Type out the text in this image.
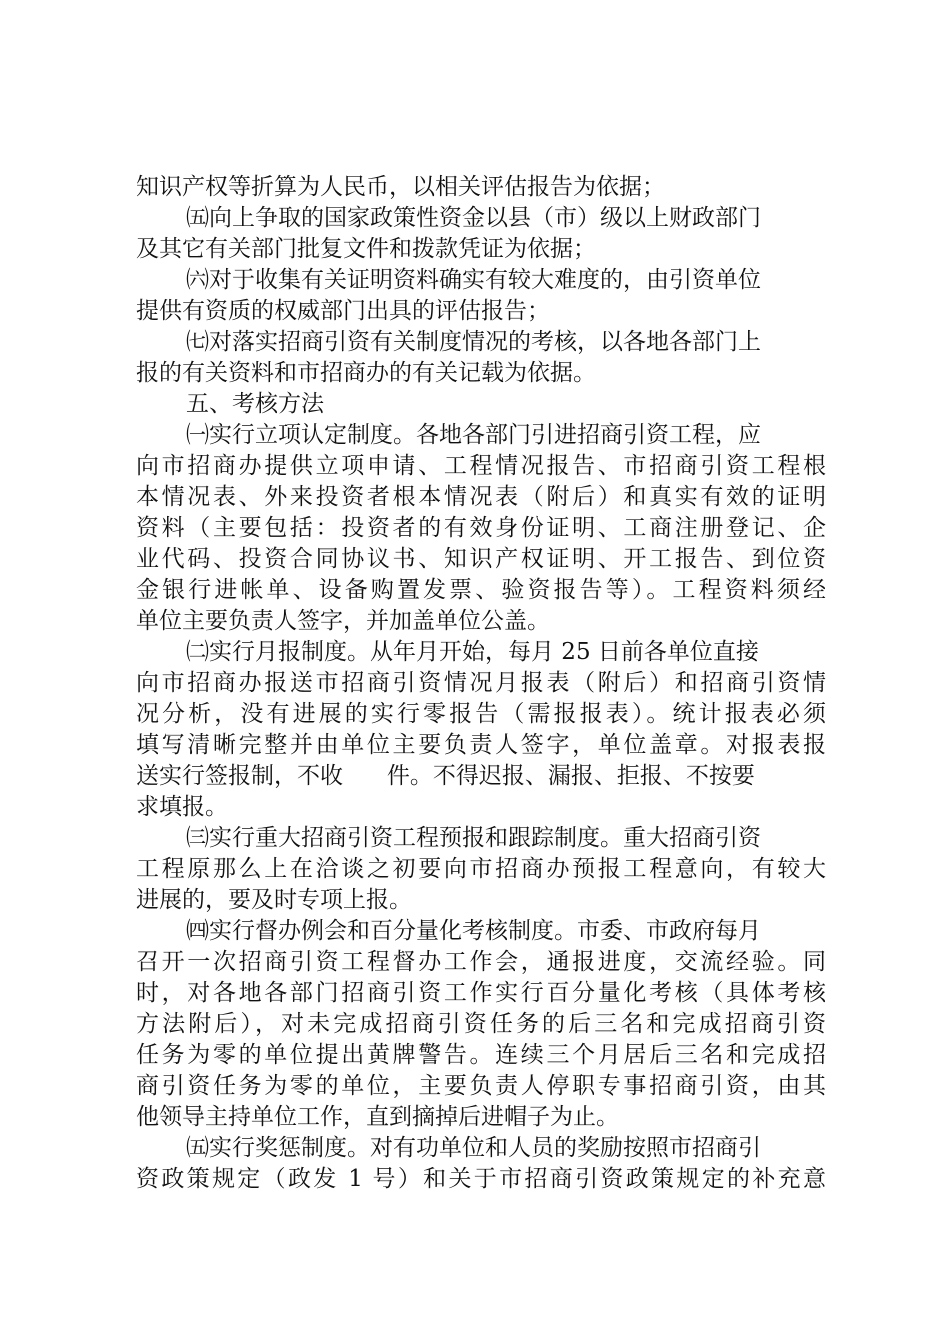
知识产权等折算为人民币，以相关评估报告为依据；
㈤向上争取的国家政策性资金以县（市）级以上财政部门
及其它有关部门批复文件和拨款凭证为依据；
㈥对于收集有关证明资料确实有较大难度的，由引资单位
提供有资质的权威部门出具的评估报告；
㈦对落实招商引资有关制度情况的考核，以各地各部门上
报的有关资料和市招商办的有关记载为依据。
五、考核方法
㈠实行立项认定制度。各地各部门引进招商引资工程，应
向市招商办提供立项申请、工程情况报告、市招商引资工程根
本情况表、外来投资者根本情况表（附后）和真实有效的证明
资料（主要包括：投资者的有效身份证明、工商注册登记、企
业代码、投资合同协议书、知识产权证明、开工报告、到位资
金银行进帐单、设备购置发票、验资报告等）。工程资料须经
单位主要负责人签字，并加盖单位公盖。
㈡实行月报制度。从年月开始，每月 25 日前各单位直接
向市招商办报送市招商引资情况月报表（附后）和招商引资情
况分析，没有进展的实行零报告（需报报表）。统计报表必须
填写清晰完整并由单位主要负责人签字，单位盖章。对报表报
送实行签报制，不收      件。不得迟报、漏报、拒报、不按要
求填报。
㈢实行重大招商引资工程预报和跟踪制度。重大招商引资
工程原那么上在洽谈之初要向市招商办预报工程意向，有较大
进展的，要及时专项上报。
㈣实行督办例会和百分量化考核制度。市委、市政府每月
召开一次招商引资工程督办工作会，通报进度，交流经验。同
时，对各地各部门招商引资工作实行百分量化考核（具体考核
方法附后），对未完成招商引资任务的后三名和完成招商引资
任务为零的单位提出黄牌警告。连续三个月居后三名和完成招
商引资任务为零的单位，主要负责人停职专事招商引资，由其
他领导主持单位工作，直到摘掉后进帽子为止。
㈤实行奖惩制度。对有功单位和人员的奖励按照市招商引
资政策规定（政发 1 号）和关于市招商引资政策规定的补充意
